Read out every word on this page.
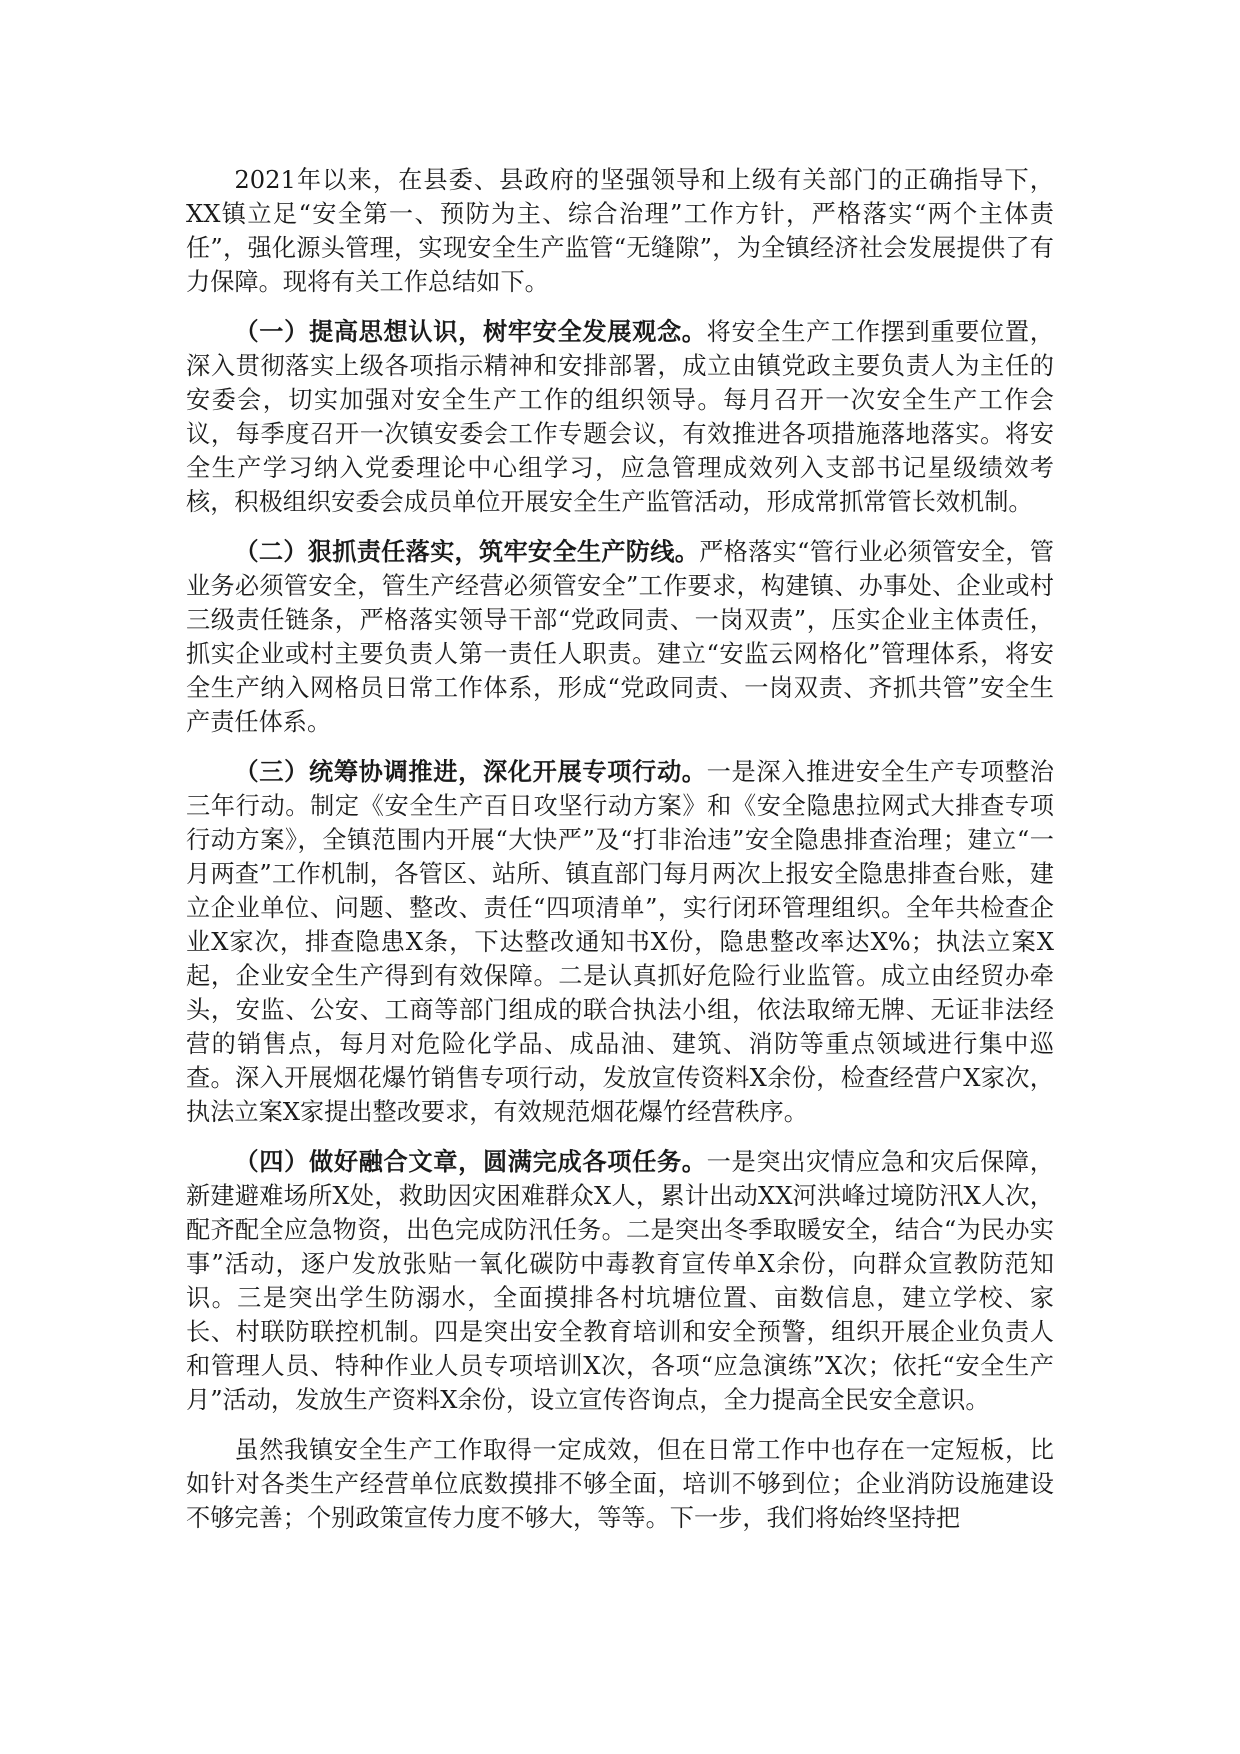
2021年以来，在县委、县政府的坚强领导和上级有关部门的正确指导下，XX镇立足“安全第一、预防为主、综合治理”工作方针，严格落实“两个主体责任”，强化源头管理，实现安全生产监管“无缝隙”，为全镇经济社会发展提供了有力保障。现将有关工作总结如下。

（一）提高思想认识，树牢安全发展观念。将安全生产工作摆到重要位置，深入贯彻落实上级各项指示精神和安排部署，成立由镇党政主要负责人为主任的安委会，切实加强对安全生产工作的组织领导。每月召开一次安全生产工作会议，每季度召开一次镇安委会工作专题会议，有效推进各项措施落地落实。将安全生产学习纳入党委理论中心组学习，应急管理成效列入支部书记星级绩效考核，积极组织安委会成员单位开展安全生产监管活动，形成常抓常管长效机制。

（二）狠抓责任落实，筑牢安全生产防线。严格落实“管行业必须管安全，管业务必须管安全，管生产经营必须管安全”工作要求，构建镇、办事处、企业或村三级责任链条，严格落实领导干部“党政同责、一岗双责”，压实企业主体责任，抓实企业或村主要负责人第一责任人职责。建立“安监云网格化”管理体系，将安全生产纳入网格员日常工作体系，形成“党政同责、一岗双责、齐抓共管”安全生产责任体系。

（三）统筹协调推进，深化开展专项行动。一是深入推进安全生产专项整治三年行动。制定《安全生产百日攻坚行动方案》和《安全隐患拉网式大排查专项行动方案》，全镇范围内开展“大快严”及“打非治违”安全隐患排查治理；建立“一月两查”工作机制，各管区、站所、镇直部门每月两次上报安全隐患排查台账，建立企业单位、问题、整改、责任“四项清单”，实行闭环管理组织。全年共检查企业X家次，排查隐患X条，下达整改通知书X份，隐患整改率达X%；执法立案X起，企业安全生产得到有效保障。二是认真抓好危险行业监管。成立由经贸办牵头，安监、公安、工商等部门组成的联合执法小组，依法取缔无牌、无证非法经营的销售点，每月对危险化学品、成品油、建筑、消防等重点领域进行集中巡查。深入开展烟花爆竹销售专项行动，发放宣传资料X余份，检查经营户X家次，执法立案X家提出整改要求，有效规范烟花爆竹经营秩序。

（四）做好融合文章，圆满完成各项任务。一是突出灾情应急和灾后保障，新建避难场所X处，救助因灾困难群众X人，累计出动XX河洪峰过境防汛X人次，配齐配全应急物资，出色完成防汛任务。二是突出冬季取暖安全，结合“为民办实事”活动，逐户发放张贴一氧化碳防中毒教育宣传单X余份，向群众宣教防范知识。三是突出学生防溺水，全面摸排各村坑塘位置、亩数信息，建立学校、家长、村联防联控机制。四是突出安全教育培训和安全预警，组织开展企业负责人和管理人员、特种作业人员专项培训X次，各项“应急演练”X次；依托“安全生产月”活动，发放生产资料X余份，设立宣传咨询点，全力提高全民安全意识。

虽然我镇安全生产工作取得一定成效，但在日常工作中也存在一定短板，比如针对各类生产经营单位底数摸排不够全面，培训不够到位；企业消防设施建设不够完善；个别政策宣传力度不够大，等等。下一步，我们将始终坚持把
